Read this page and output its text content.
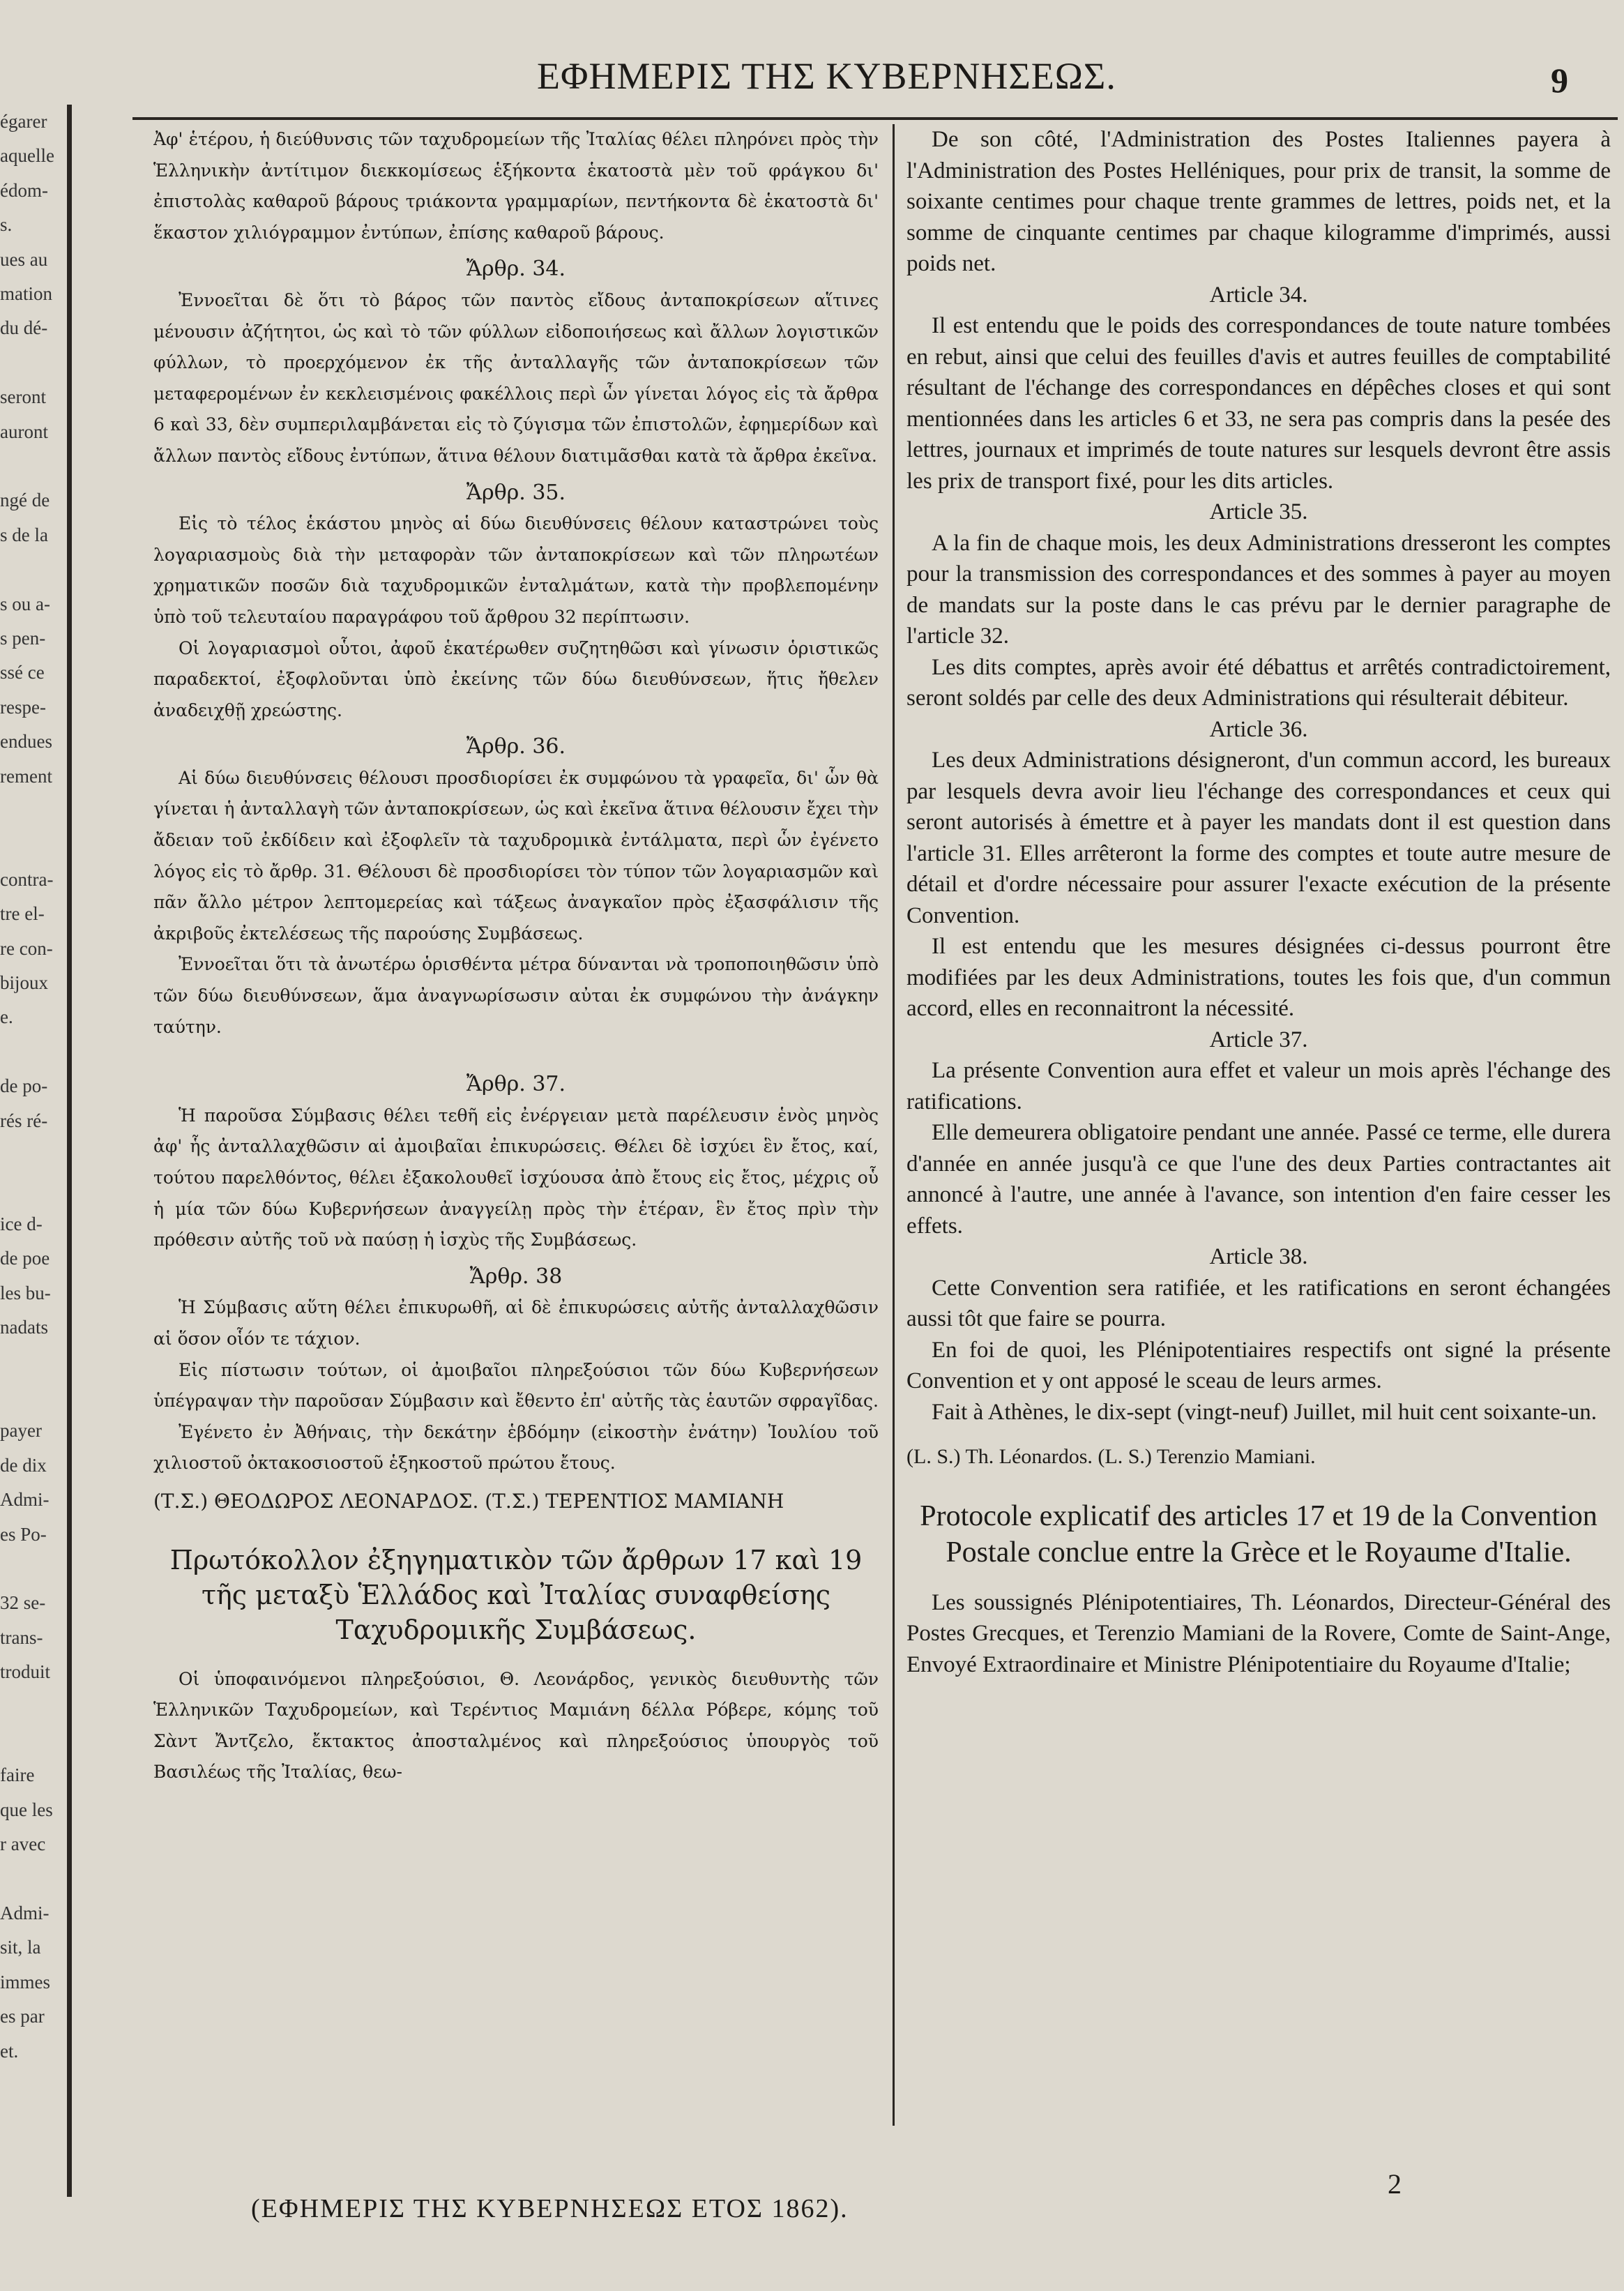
égarer
aquelle
édom-
s.
ues au
mation
du dé-
seront
auront
ngé de
s de la
s ou a-
s pen-
ssé ce
respe-
endues
rement
contra-
tre el-
re con-
bijoux
e.
de po-
rés ré-
ice d-
de poe
les bu-
nadats
payer
de dix
Admi-
es Po-
32 se-
trans-
troduit
faire
que les
r avec
Admi-
sit, la
immes
es par
et.
ΕΦΗΜΕΡΙΣ ΤΗΣ ΚΥΒΕΡΝΗΣΕΩΣ.	9

Ἀφ' ἑτέρου, ἡ διεύθυνσις τῶν ταχυδρομείων τῆς Ἰταλίας θέλει πληρόνει πρὸς τὴν Ἑλληνικὴν ἀντίτιμον διεκκομίσεως ἑξήκοντα ἑκατοστὰ μὲν τοῦ φράγκου δι' ἐπιστολὰς καθαροῦ βάρους τριάκοντα γραμμαρίων, πεντήκοντα δὲ ἑκατοστὰ δι' ἕκαστον χιλιόγραμμον ἐντύπων, ἐπίσης καθαροῦ βάρους.

Ἄρθρ. 34.

Ἐννοεῖται δὲ ὅτι τὸ βάρος τῶν παντὸς εἴδους ἀνταποκρίσεων αἵτινες μένουσιν ἀζήτητοι, ὡς καὶ τὸ τῶν φύλλων εἰδοποιήσεως καὶ ἄλλων λογιστικῶν φύλλων, τὸ προερχόμενον ἐκ τῆς ἀνταλλαγῆς τῶν ἀνταποκρίσεων τῶν μεταφερομένων ἐν κεκλεισμένοις φακέλλοις περὶ ὧν γίνεται λόγος εἰς τὰ ἄρθρα 6 καὶ 33, δὲν συμπεριλαμβάνεται εἰς τὸ ζύγισμα τῶν ἐπιστολῶν, ἐφημερίδων καὶ ἄλλων παντὸς εἴδους ἐντύπων, ἅτινα θέλουν διατιμᾶσθαι κατὰ τὰ ἄρθρα ἐκεῖνα.

Ἄρθρ. 35.

Εἰς τὸ τέλος ἑκάστου μηνὸς αἱ δύω διευθύνσεις θέλουν καταστρώνει τοὺς λογαριασμοὺς διὰ τὴν μεταφορὰν τῶν ἀνταποκρίσεων καὶ τῶν πληρωτέων χρηματικῶν ποσῶν διὰ ταχυδρομικῶν ἐνταλμάτων, κατὰ τὴν προβλεπομένην ὑπὸ τοῦ τελευταίου παραγράφου τοῦ ἄρθρου 32 περίπτωσιν.

Οἱ λογαριασμοὶ οὗτοι, ἀφοῦ ἑκατέρωθεν συζητηθῶσι καὶ γίνωσιν ὁριστικῶς παραδεκτοί, ἐξοφλοῦνται ὑπὸ ἐκείνης τῶν δύω διευθύνσεων, ἥτις ἤθελεν ἀναδειχθῇ χρεώστης.

Ἄρθρ. 36.

Αἱ δύω διευθύνσεις θέλουσι προσδιορίσει ἐκ συμφώνου τὰ γραφεῖα, δι' ὧν θὰ γίνεται ἡ ἀνταλλαγὴ τῶν ἀνταποκρίσεων, ὡς καὶ ἐκεῖνα ἅτινα θέλουσιν ἔχει τὴν ἄδειαν τοῦ ἐκδίδειν καὶ ἐξοφλεῖν τὰ ταχυδρομικὰ ἐντάλματα, περὶ ὧν ἐγένετο λόγος εἰς τὸ ἄρθρ. 31. Θέλουσι δὲ προσδιορίσει τὸν τύπον τῶν λογαριασμῶν καὶ πᾶν ἄλλο μέτρον λεπτομερείας καὶ τάξεως ἀναγκαῖον πρὸς ἐξασφάλισιν τῆς ἀκριβοῦς ἐκτελέσεως τῆς παρούσης Συμβάσεως.

Ἐννοεῖται ὅτι τὰ ἀνωτέρω ὁρισθέντα μέτρα δύνανται νὰ τροποποιηθῶσιν ὑπὸ τῶν δύω διευθύνσεων, ἅμα ἀναγνωρίσωσιν αὐται ἐκ συμφώνου τὴν ἀνάγκην ταύτην.

Ἄρθρ. 37.

Ἡ παροῦσα Σύμβασις θέλει τεθῆ εἰς ἐνέργειαν μετὰ παρέλευσιν ἑνὸς μηνὸς ἀφ' ἧς ἀνταλλαχθῶσιν αἱ ἀμοιβαῖαι ἐπικυρώσεις. Θέλει δὲ ἰσχύει ἓν ἔτος, καί, τούτου παρελθόντος, θέλει ἐξακολουθεῖ ἰσχύουσα ἀπὸ ἔτους εἰς ἔτος, μέχρις οὗ ἡ μία τῶν δύω Κυβερνήσεων ἀναγγείλῃ πρὸς τὴν ἑτέραν, ἓν ἔτος πρὶν τὴν πρόθεσιν αὐτῆς τοῦ νὰ παύσῃ ἡ ἰσχὺς τῆς Συμβάσεως.

Ἄρθρ. 38

Ἡ Σύμβασις αὕτη θέλει ἐπικυρωθῆ, αἱ δὲ ἐπικυρώσεις αὐτῆς ἀνταλλαχθῶσιν αἱ ὅσον οἷόν τε τάχιον.

Εἰς πίστωσιν τούτων, οἱ ἀμοιβαῖοι πληρεξούσιοι τῶν δύω Κυβερνήσεων ὑπέγραψαν τὴν παροῦσαν Σύμβασιν καὶ ἔθεντο ἐπ' αὐτῆς τὰς ἑαυτῶν σφραγῖδας.

Ἐγένετο ἐν Ἀθήναις, τὴν δεκάτην ἑβδόμην (εἰκοστὴν ἐνάτην) Ἰουλίου τοῦ χιλιοστοῦ ὀκτακοσιοστοῦ ἑξηκοστοῦ πρώτου ἔτους.

(Τ.Σ.) ΘΕΟΔΩΡΟΣ ΛΕΟΝΑΡΔΟΣ. (Τ.Σ.) ΤΕΡΕΝΤΙΟΣ ΜΑΜΙΑΝΗ
Πρωτόκολλον ἐξηγηματικὸν τῶν ἄρθρων 17 καὶ 19 τῆς μεταξὺ Ἑλλάδος καὶ Ἰταλίας συναφθείσης Ταχυδρομικῆς Συμβάσεως.

Οἱ ὑποφαινόμενοι πληρεξούσιοι, Θ. Λεονάρδος, γενικὸς διευθυντὴς τῶν Ἑλληνικῶν Ταχυδρομείων, καὶ Τερέντιος Μαμιάνη δέλλα Ρόβερε, κόμης τοῦ Σὰντ Ἄντζελο, ἔκτακτος ἀποσταλμένος καὶ πληρεξούσιος ὑπουργὸς τοῦ Βασιλέως τῆς Ἰταλίας, θεω-

De son côté, l'Administration des Postes Italiennes payera à l'Administration des Postes Helléniques, pour prix de transit, la somme de soixante centimes pour chaque trente grammes de lettres, poids net, et la somme de cinquante centimes par chaque kilogramme d'imprimés, aussi poids net.

Article 34.

Il est entendu que le poids des correspondances de toute nature tombées en rebut, ainsi que celui des feuilles d'avis et autres feuilles de comptabilité résultant de l'échange des correspondances en dépêches closes et qui sont mentionnées dans les articles 6 et 33, ne sera pas compris dans la pesée des lettres, journaux et imprimés de toute natures sur lesquels devront être assis les prix de transport fixé, pour les dits articles.

Article 35.

A la fin de chaque mois, les deux Administrations dresseront les comptes pour la transmission des correspondances et des sommes à payer au moyen de mandats sur la poste dans le cas prévu par le dernier paragraphe de l'article 32.

Les dits comptes, après avoir été débattus et arrêtés contradictoirement, seront soldés par celle des deux Administrations qui résulterait débiteur.

Article 36.

Les deux Administrations désigneront, d'un commun accord, les bureaux par lesquels devra avoir lieu l'échange des correspondances et ceux qui seront autorisés à émettre et à payer les mandats dont il est question dans l'article 31. Elles arrêteront la forme des comptes et toute autre mesure de détail et d'ordre nécessaire pour assurer l'exacte exécution de la présente Convention.

Il est entendu que les mesures désignées ci-dessus pourront être modifiées par les deux Administrations, toutes les fois que, d'un commun accord, elles en reconnaitront la nécessité.

Article 37.

La présente Convention aura effet et valeur un mois après l'échange des ratifications.

Elle demeurera obligatoire pendant une année. Passé ce terme, elle durera d'année en année jusqu'à ce que l'une des deux Parties contractantes ait annoncé à l'autre, une année à l'avance, son intention d'en faire cesser les effets.

Article 38.

Cette Convention sera ratifiée, et les ratifications en seront échangées aussi tôt que faire se pourra.

En foi de quoi, les Plénipotentiaires respectifs ont signé la présente Convention et y ont apposé le sceau de leurs armes.

Fait à Athènes, le dix-sept (vingt-neuf) Juillet, mil huit cent soixante-un.

(L. S.) Th. Léonardos. (L. S.) Terenzio Mamiani.
Protocole explicatif des articles 17 et 19 de la Convention Postale conclue entre la Grèce et le Royaume d'Italie.

Les soussignés Plénipotentiaires, Th. Léonardos, Directeur-Général des Postes Grecques, et Terenzio Mamiani de la Rovere, Comte de Saint-Ange, Envoyé Extraordinaire et Ministre Plénipotentiaire du Royaume d'Italie;

(ΕΦΗΜΕΡΙΣ ΤΗΣ ΚΥΒΕΡΝΗΣΕΩΣ ΕΤΟΣ 1862).
2
